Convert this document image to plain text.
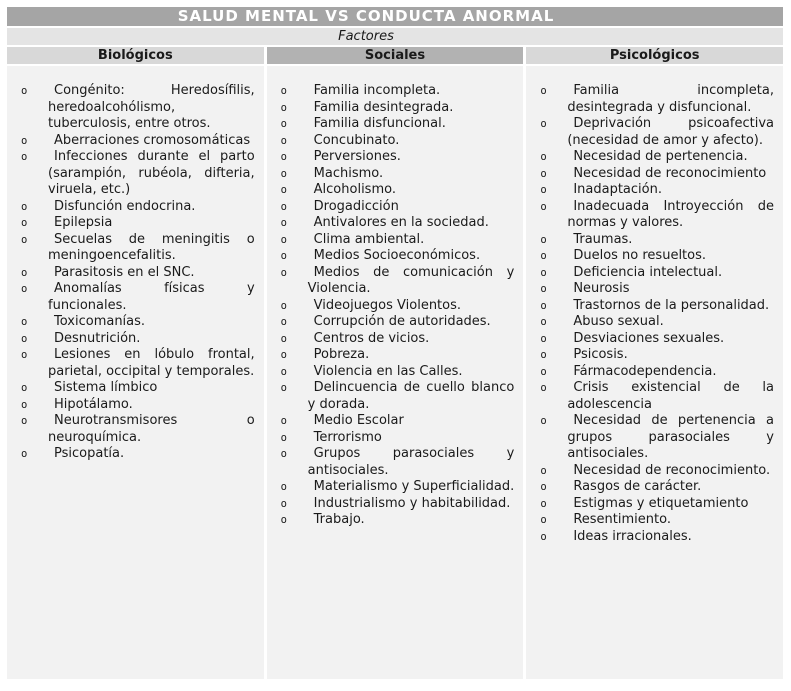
SALUD MENTAL VS CONDUCTA ANORMAL
Factores
Biológicos	Sociales	Psicológicos
o Congénito: Heredosífilis, heredoalcohólismo, tuberculosis, entre otros.
o Aberraciones cromosomáticas
o Infecciones durante el parto (sarampión, rubéola, difteria, viruela, etc.)
o Disfunción endocrina.
o Epilepsia
o Secuelas de meningitis o meningoencefalitis.
o Parasitosis en el SNC.
o Anomalías físicas y funcionales.
o Toxicomanías.
o Desnutrición.
o Lesiones en lóbulo frontal, parietal, occipital y temporales.
o Sistema límbico
o Hipotálamo.
o Neurotransmisores o neuroquímica.
o Psicopatía.
o Familia incompleta.
o Familia desintegrada.
o Familia disfuncional.
o Concubinato.
o Perversiones.
o Machismo.
o Alcoholismo.
o Drogadicción
o Antivalores en la sociedad.
o Clima ambiental.
o Medios Socioeconómicos.
o Medios de comunicación y Violencia.
o Videojuegos Violentos.
o Corrupción de autoridades.
o Centros de vicios.
o Pobreza.
o Violencia en las Calles.
o Delincuencia de cuello blanco y dorada.
o Medio Escolar
o Terrorismo
o Grupos parasociales y antisociales.
o Materialismo y Superficialidad.
o Industrialismo y habitabilidad.
o Trabajo.
o Familia incompleta, desintegrada y disfuncional.
o Deprivación psicoafectiva (necesidad de amor y afecto).
o Necesidad de pertenencia.
o Necesidad de reconocimiento
o Inadaptación.
o Inadecuada Introyección de normas y valores.
o Traumas.
o Duelos no resueltos.
o Deficiencia intelectual.
o Neurosis
o Trastornos de la personalidad.
o Abuso sexual.
o Desviaciones sexuales.
o Psicosis.
o Fármacodependencia.
o Crisis existencial de la adolescencia
o Necesidad de pertenencia a grupos parasociales y antisociales.
o Necesidad de reconocimiento.
o Rasgos de carácter.
o Estigmas y etiquetamiento
o Resentimiento.
o Ideas irracionales.
